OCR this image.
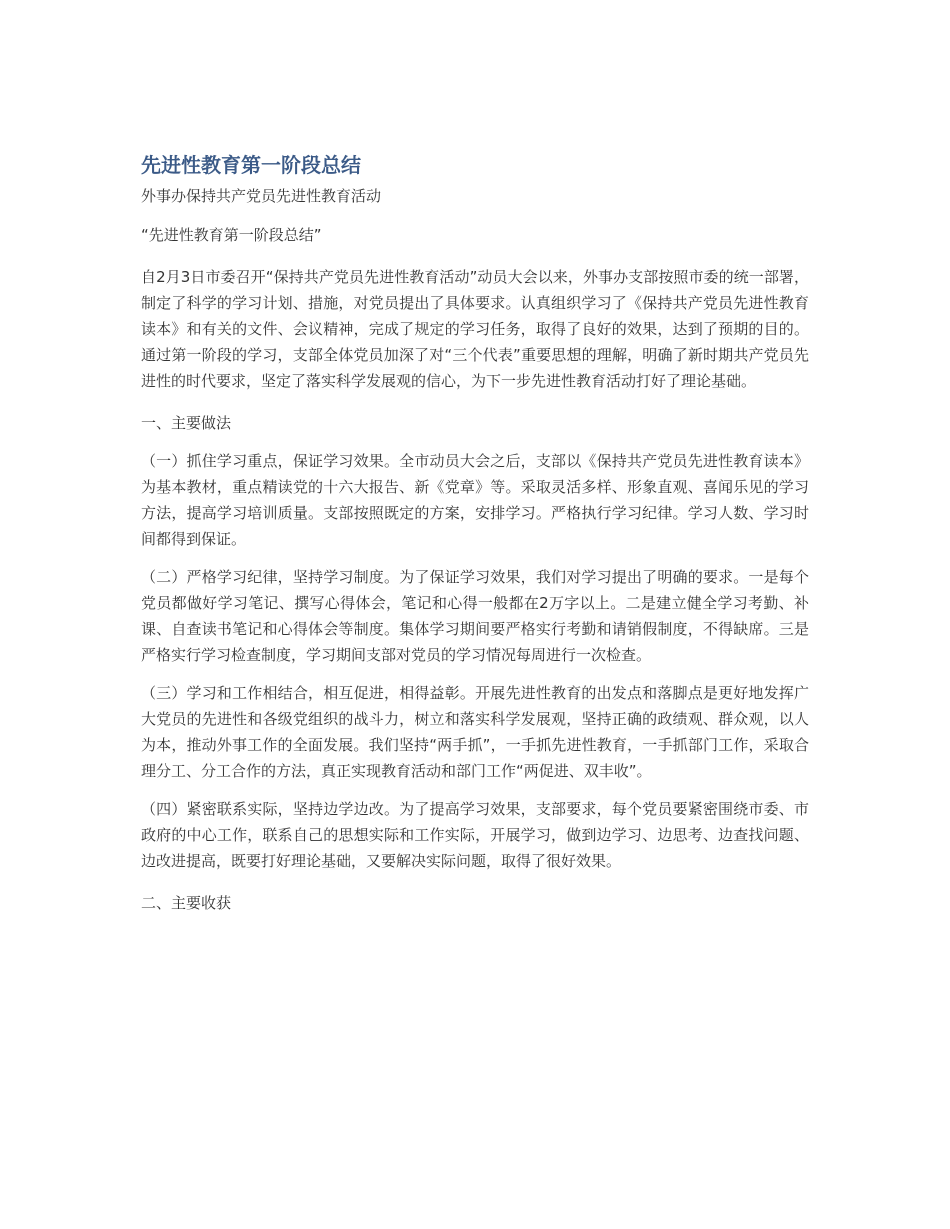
先进性教育第一阶段总结

外事办保持共产党员先进性教育活动

“先进性教育第一阶段总结”

自2月3日市委召开“保持共产党员先进性教育活动”动员大会以来，外事办支部按照市委的统一部署，制定了科学的学习计划、措施，对党员提出了具体要求。认真组织学习了《保持共产党员先进性教育读本》和有关的文件、会议精神，完成了规定的学习任务，取得了良好的效果，达到了预期的目的。通过第一阶段的学习，支部全体党员加深了对“三个代表”重要思想的理解，明确了新时期共产党员先进性的时代要求，坚定了落实科学发展观的信心，为下一步先进性教育活动打好了理论基础。

一、主要做法

（一）抓住学习重点，保证学习效果。全市动员大会之后，支部以《保持共产党员先进性教育读本》为基本教材，重点精读党的十六大报告、新《党章》等。采取灵活多样、形象直观、喜闻乐见的学习方法，提高学习培训质量。支部按照既定的方案，安排学习。严格执行学习纪律。学习人数、学习时间都得到保证。

（二）严格学习纪律，坚持学习制度。为了保证学习效果，我们对学习提出了明确的要求。一是每个党员都做好学习笔记、撰写心得体会，笔记和心得一般都在2万字以上。二是建立健全学习考勤、补课、自查读书笔记和心得体会等制度。集体学习期间要严格实行考勤和请销假制度，不得缺席。三是严格实行学习检查制度，学习期间支部对党员的学习情况每周进行一次检查。

（三）学习和工作相结合，相互促进，相得益彰。开展先进性教育的出发点和落脚点是更好地发挥广大党员的先进性和各级党组织的战斗力，树立和落实科学发展观，坚持正确的政绩观、群众观，以人为本，推动外事工作的全面发展。我们坚持“两手抓”，一手抓先进性教育，一手抓部门工作，采取合理分工、分工合作的方法，真正实现教育活动和部门工作“两促进、双丰收”。

（四）紧密联系实际，坚持边学边改。为了提高学习效果，支部要求，每个党员要紧密围绕市委、市政府的中心工作，联系自己的思想实际和工作实际，开展学习，做到边学习、边思考、边查找问题、边改进提高，既要打好理论基础，又要解决实际问题，取得了很好效果。

二、主要收获
